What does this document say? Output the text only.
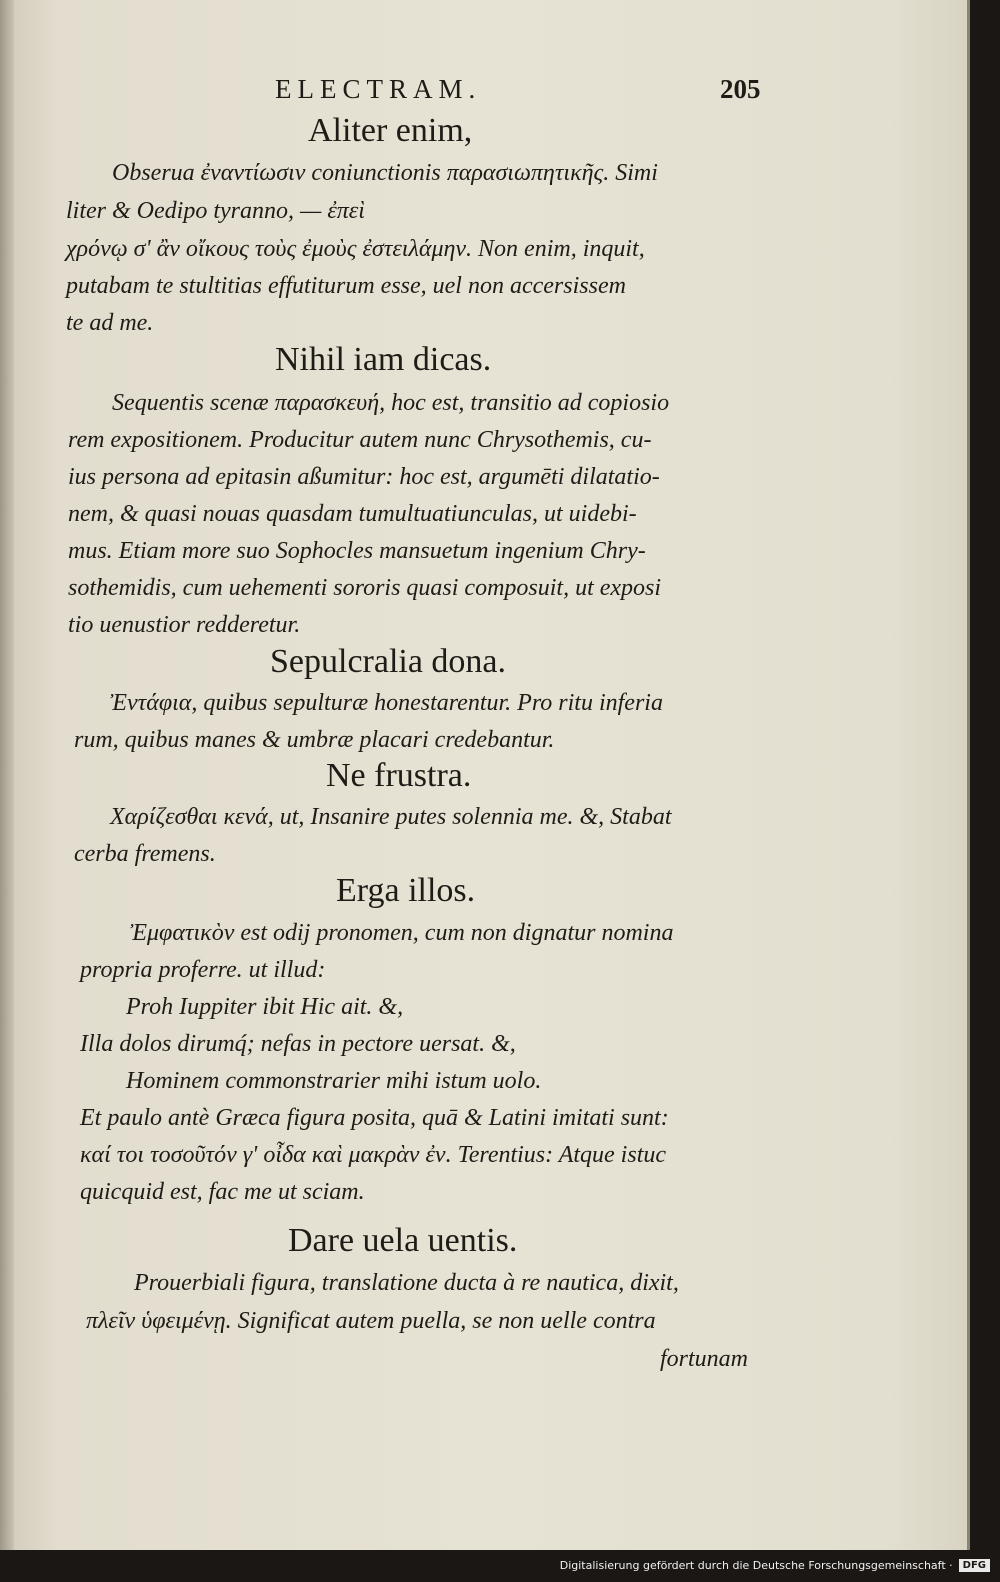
ELECTRAM.	205
Aliter enim,
Obserua ἐναντίωσιν coniunctionis παρασιωπητικῆς. Simi
liter & Oedipo tyranno, — ἐπεὶ
χρόνῳ σ' ἂν οἴκους τοὺς ἐμοὺς ἐστειλάμην. Non enim, inquit,
putabam te stultitias effutiturum esse, uel non accersissem
te ad me.
Nihil iam dicas.
Sequentis scenæ παρασκευή, hoc est, transitio ad copiosio
rem expositionem. Producitur autem nunc Chrysothemis, cu-
ius persona ad epitasin aßumitur: hoc est, argumēti dilatatio-
nem, & quasi nouas quasdam tumultuatiunculas, ut uidebi-
mus. Etiam more suo Sophocles mansuetum ingenium Chry-
sothemidis, cum uehementi sororis quasi composuit, ut exposi
tio uenustior redderetur.
Sepulcralia dona.
Ἐντάφια, quibus sepulturæ honestarentur. Pro ritu inferia
rum, quibus manes & umbræ placari credebantur.
Ne frustra.
Χαρίζεσθαι κενά, ut, Insanire putes solennia me. &, Stabat
cerba fremens.
Erga illos.
Ἐμφατικὸν est odij pronomen, cum non dignatur nomina
propria proferre. ut illud:
Proh Iuppiter ibit Hic ait. &,
Illa dolos dirumq́; nefas in pectore uersat. &,
Hominem commonstrarier mihi istum uolo.
Et paulo antè Græca figura posita, quā & Latini imitati sunt:
καί τοι τοσοῦτόν γ' οἶδα καὶ μακρὰν ἐν. Terentius: Atque istuc
quicquid est, fac me ut sciam.
Dare uela uentis.
Prouerbiali figura, translatione ducta à re nautica, dixit,
πλεῖν ὑφειμένῃ. Significat autem puella, se non uelle contra
fortunam
Digitalisierung gefördert durch die Deutsche Forschungsgemeinschaft ·	DFG
